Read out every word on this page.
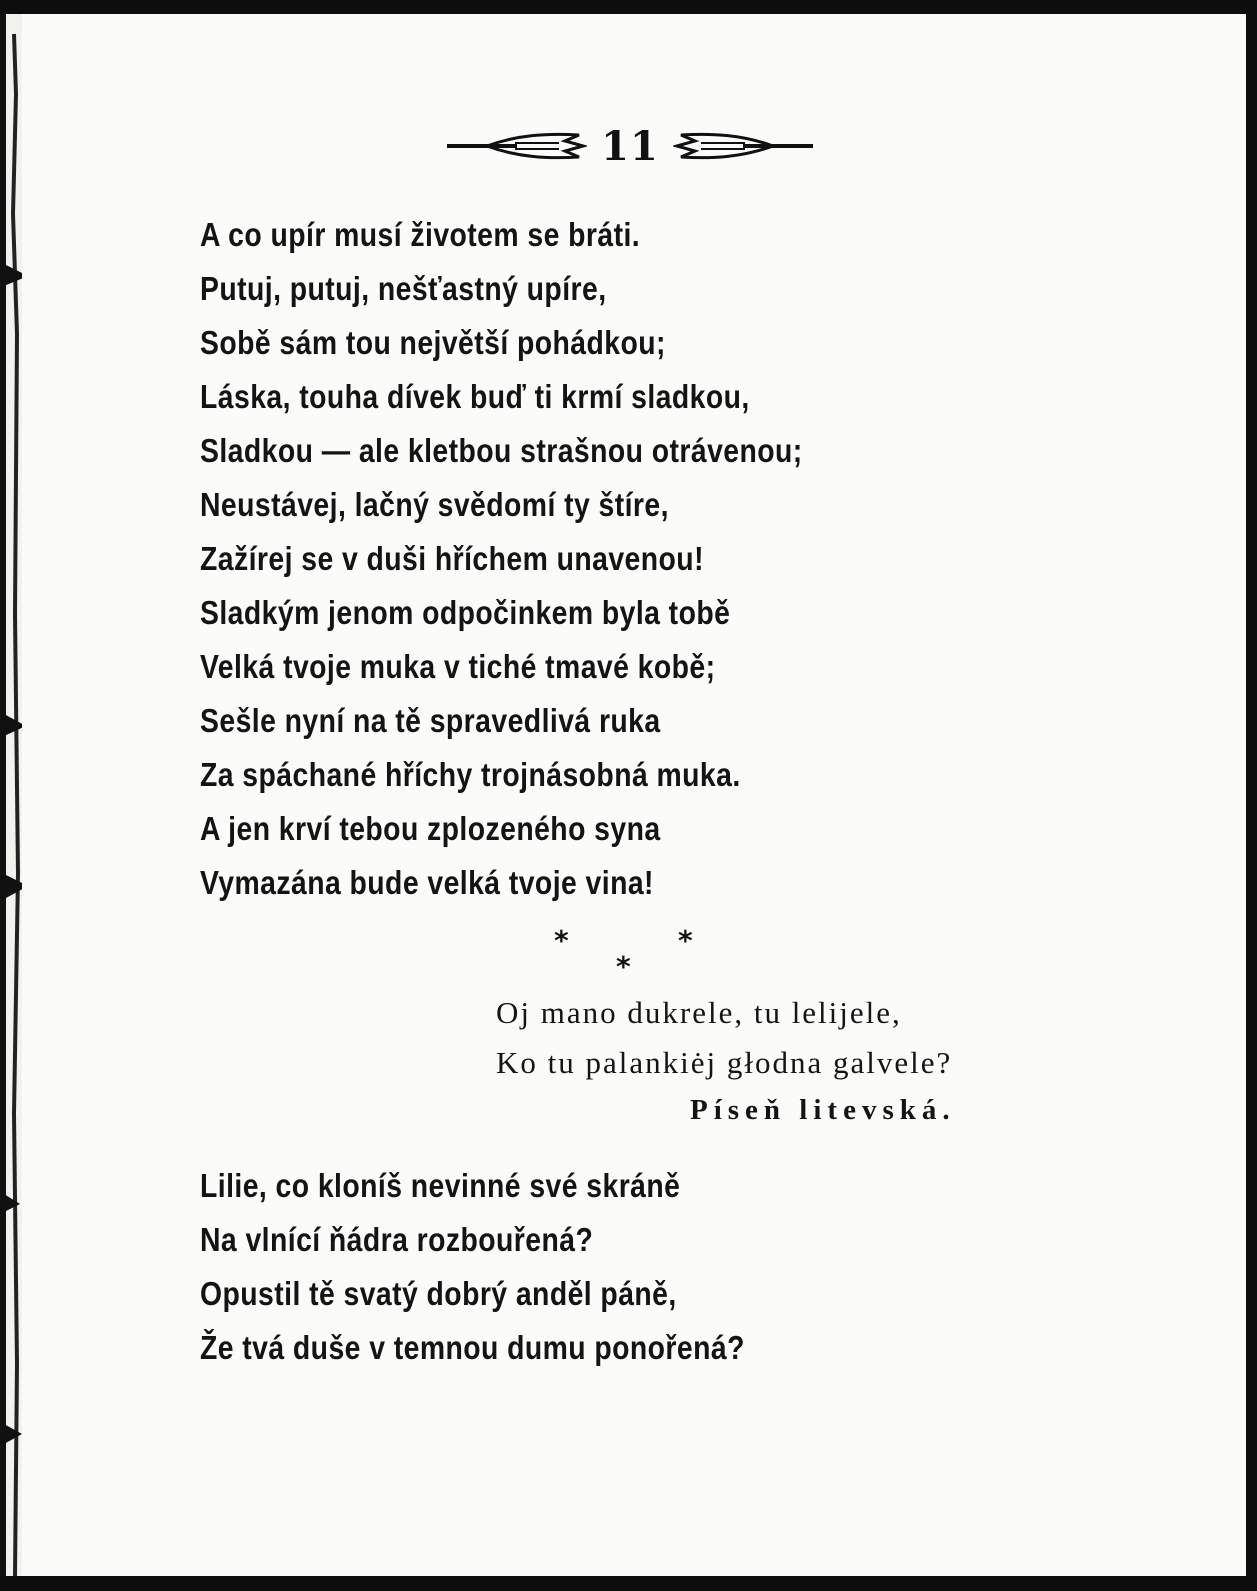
11
A co upír musí životem se bráti.
Putuj, putuj, nešťastný upíre,
Sobě sám tou největší pohádkou;
Láska, touha dívek buď ti krmí sladkou,
Sladkou — ale kletbou strašnou otrávenou;
Neustávej, lačný svědomí ty štíre,
Zažírej se v duši hříchem unavenou!
Sladkým jenom odpočinkem byla tobě
Velká tvoje muka v tiché tmavé kobě;
Sešle nyní na tě spravedlivá ruka
Za spáchané hříchy trojnásobná muka.
A jen krví tebou zplozeného syna
Vymazána bude velká tvoje vina!
*	*
*
Oj mano dukrele, tu lelijele,
Ko tu palankiėj głodna galvele?
Píseň litevská.
Lilie, co kloníš nevinné své skráně
Na vlnící ňádra rozbouřená?
Opustil tě svatý dobrý anděl páně,
Že tvá duše v temnou dumu ponořená?
